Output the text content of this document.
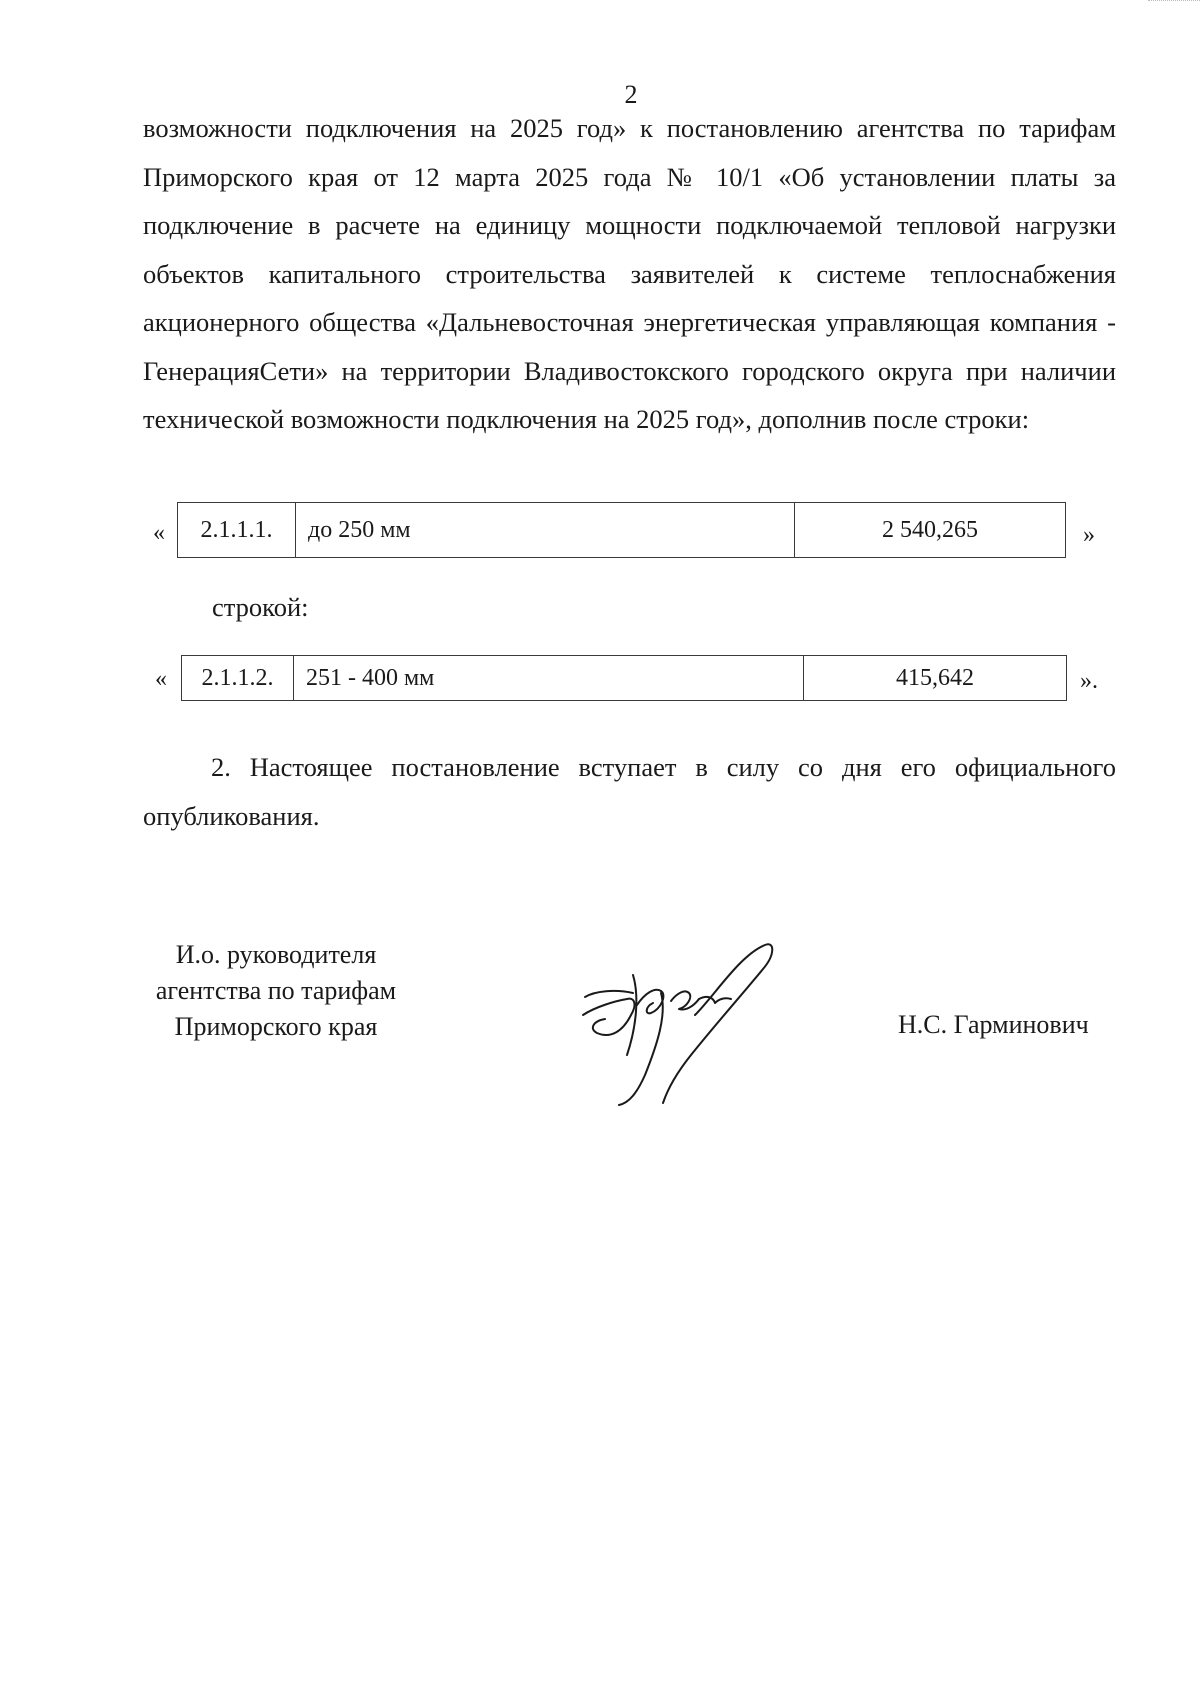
2

возможности подключения на 2025 год» к постановлению агентства по тарифам Приморского края от 12 марта 2025 года № 10/1 «Об установлении платы за подключение в расчете на единицу мощности подключаемой тепловой нагрузки объектов капитального строительства заявителей к системе теплоснабжения акционерного общества «Дальневосточная энергетическая управляющая компания - ГенерацияСети» на территории Владивостокского городского округа при наличии технической возможности подключения на 2025 год», дополнив после строки:

« 2.1.1.1.	до 250 мм	2 540,265	»
строкой:
« 2.1.1.2.	251 - 400 мм	415,642	».

2. Настоящее постановление вступает в силу со дня его официального опубликования.

И.о. руководителя
агентства по тарифам
Приморского края	Н.С. Гарминович
